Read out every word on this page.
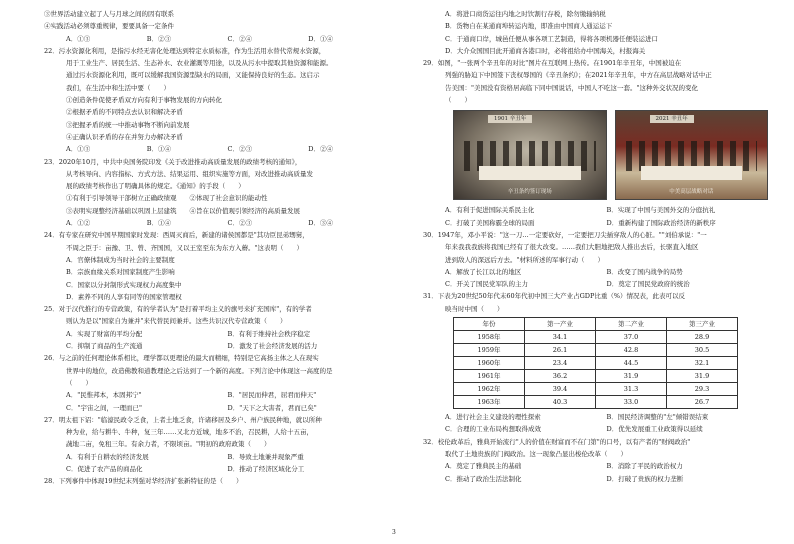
③世界活动建立起了人与月球之间的因有联系
④实践活动必须尊重规律，要要具备一定条件
A．①③	B．②③	C．②④	D．①④
22．污水资源化利用，是指污水经无害化处理达到特定水质标准，作为生活用水替代常规水资源，
用于工业生产、居民生活、生态补水、农业灌溉等用途，以及从污水中提取其他资源和能源。
通过污水资源化利用，既可以缓解我国资源型缺水的局面，又能保持良好的生态。这启示
我们，在生活中和生活中要（　　）
①创造条件促使矛盾双方向有利于事物发展的方向转化
②根据矛盾的不同特点去认识和解决矛盾
③把握矛盾的统一中推动事物不断向前发展
④正确认识矛盾的存在并努力办解决矛盾
A．①③	B．①④	C．②③	D．②④
23．2020年10月，中共中央国务院印发《关于改进推动高质量发展的政绩考核的通知》，
从考核导向、内容指标、方式方法、结果运用、组织实施等方面，对改进推动高质量发
展的政绩考核作出了明确具体的规定。《通知》的手段（　　）
①有利于引导领导干部树立正确政绩观　　②体现了社会意识的能动性
③表明实现整经济基础以巩固上层建筑　　④旨在以价值观引领经济的高质量发展
A．①②	B．①④	C．②③	D．③④
24．有专家在研究中国早期国家时发现：西周灭商后，新建的诸侯国都是"其功臣昆弟甥舅，
不周之臣于：亩豫、卫、曾、齐国国，又以王室至东为东方入蘑。"这表明（　　）
A．官僚体制成为当时社会的主要制度
B．宗族血缘关系对国家制度产生影响
C．国家以分封制形式实现权力高度集中
D．素养不同的人享有同等的国家管理权
25．对于汉代推行的专营政策，有的学者认为"是打着平均主义的旗号来扩充国库"，有的学者
则认为是以"国家自为兼并"来代替民间兼并。这些共识汉代专营政策（　　）
A．实现了财富的平均分配	B．有利于维持社会秩序稳定
C．抑制了商品的生产流通	D．激发了社会经济发展的活力
26．与之前的任何理论体系相比，理学都以更理论的最大而精细，特别是它高扬主体之人在现实
世界中的地位，改造佛教和道教理论之后达到了一个新的高度。下列言论中体现这一高度的是
（　　）
A．"民惟邦本，本固邦宁"	B．"居民而伸君，屈君而伸天"
C．"宇宙之间，一理而已"	D．"天下之大害者，君而已矣"
27．明太祖下诏："临濠民政令乏食，上者土地乏食，许诸移居及乡户、州户族民种地，就以所种
种为业，给与耕牛、牛种，复三年……又北方近城，地多不治，召民耕，人给十五亩，
蔬地二亩，免租三年。有余力者，不限顷亩。"明初的政府政策（　　）
A．有利于自耕农的经济发展	B．导致土地兼并现象严重
C．促进了农产品的商品化	D．推动了经济区域化分工
28．下列事件中体现19世纪末列强对华经济扩张新特征的是（　　）
A．将进口商货运往内地之时饮割行存税，除勿缴输纳税
B．货物自在某通商埠转运内地，即准由中国商人通运运下
C．于通商口岸，城邑任便从事各项工艺制造，得将各项机器任便装运进口
D．大介众国国目此开通商各港口时，必将祖给办中国海关，村报海关
29．如图，"一张两个辛丑年的对比"图片在互联网上热传。在1901年辛丑年，中国被迫在
列强的胁迫下中国签下丧权辱国的《辛丑条约》；在2021年辛丑年，中方在高层战略对话中正
告美国："美国没有资格居高临下同中国说话，中国人不吃这一套。"这种外交状况的变化
（　　）
1901 辛丑年
辛丑条约签订现场
2021 辛丑年
中美高层战略对话
A．有利于促进国际关系民主化	B．实现了中国与美国外交的分庭抗礼
C．打破了美国称霸全球的局面	D．重新构建了国际政治经济的新秩序
30．1947年，邓小平说："这一刀…一定要砍好，一定要把刀尖插穿敌人的心脏。""刘伯承说："一
年来我我我族将我国已经有了很大改变。……我们大胆地把敌人推出去后，长驱直入地区
进到敌人的深远后方去。"材料所述的军事行动（　　）
A．解放了长江以北的地区	B．改变了国内战争的局势
C．开关了国民党军队的主力	D．奠定了国民党政府的统治
31．下表为20世纪50年代末60年代初中国三大产业占GDP比重（%）情况表，此表可以反
映当时中国（　　）
年份	第一产业	第二产业	第三产业
1958年	34.1	37.0	28.9
1959年	26.1	42.8	30.5
1960年	23.4	44.5	32.1
1961年	36.2	31.9	31.9
1962年	39.4	31.3	29.3
1963年	40.3	33.0	26.7
A．进行社会主义建设的理性探索	B．国民经济调整的"左"倾错误结束
C．合理的工业布局构想取得成效	D．优先发展重工业政策得以延续
32．校伦政革后，雅典开始流行"人的价值在财富而不在门第"的口号，以有产者的"财阀政治"
取代了土地贵族的门阀政治。这一现象凸显出梭伦改革（　　）
A．奠定了雅典民主的基础	B．消除了平民的政治权力
C．推动了政治生活法制化	D．打破了贵族的权力垄断
3
